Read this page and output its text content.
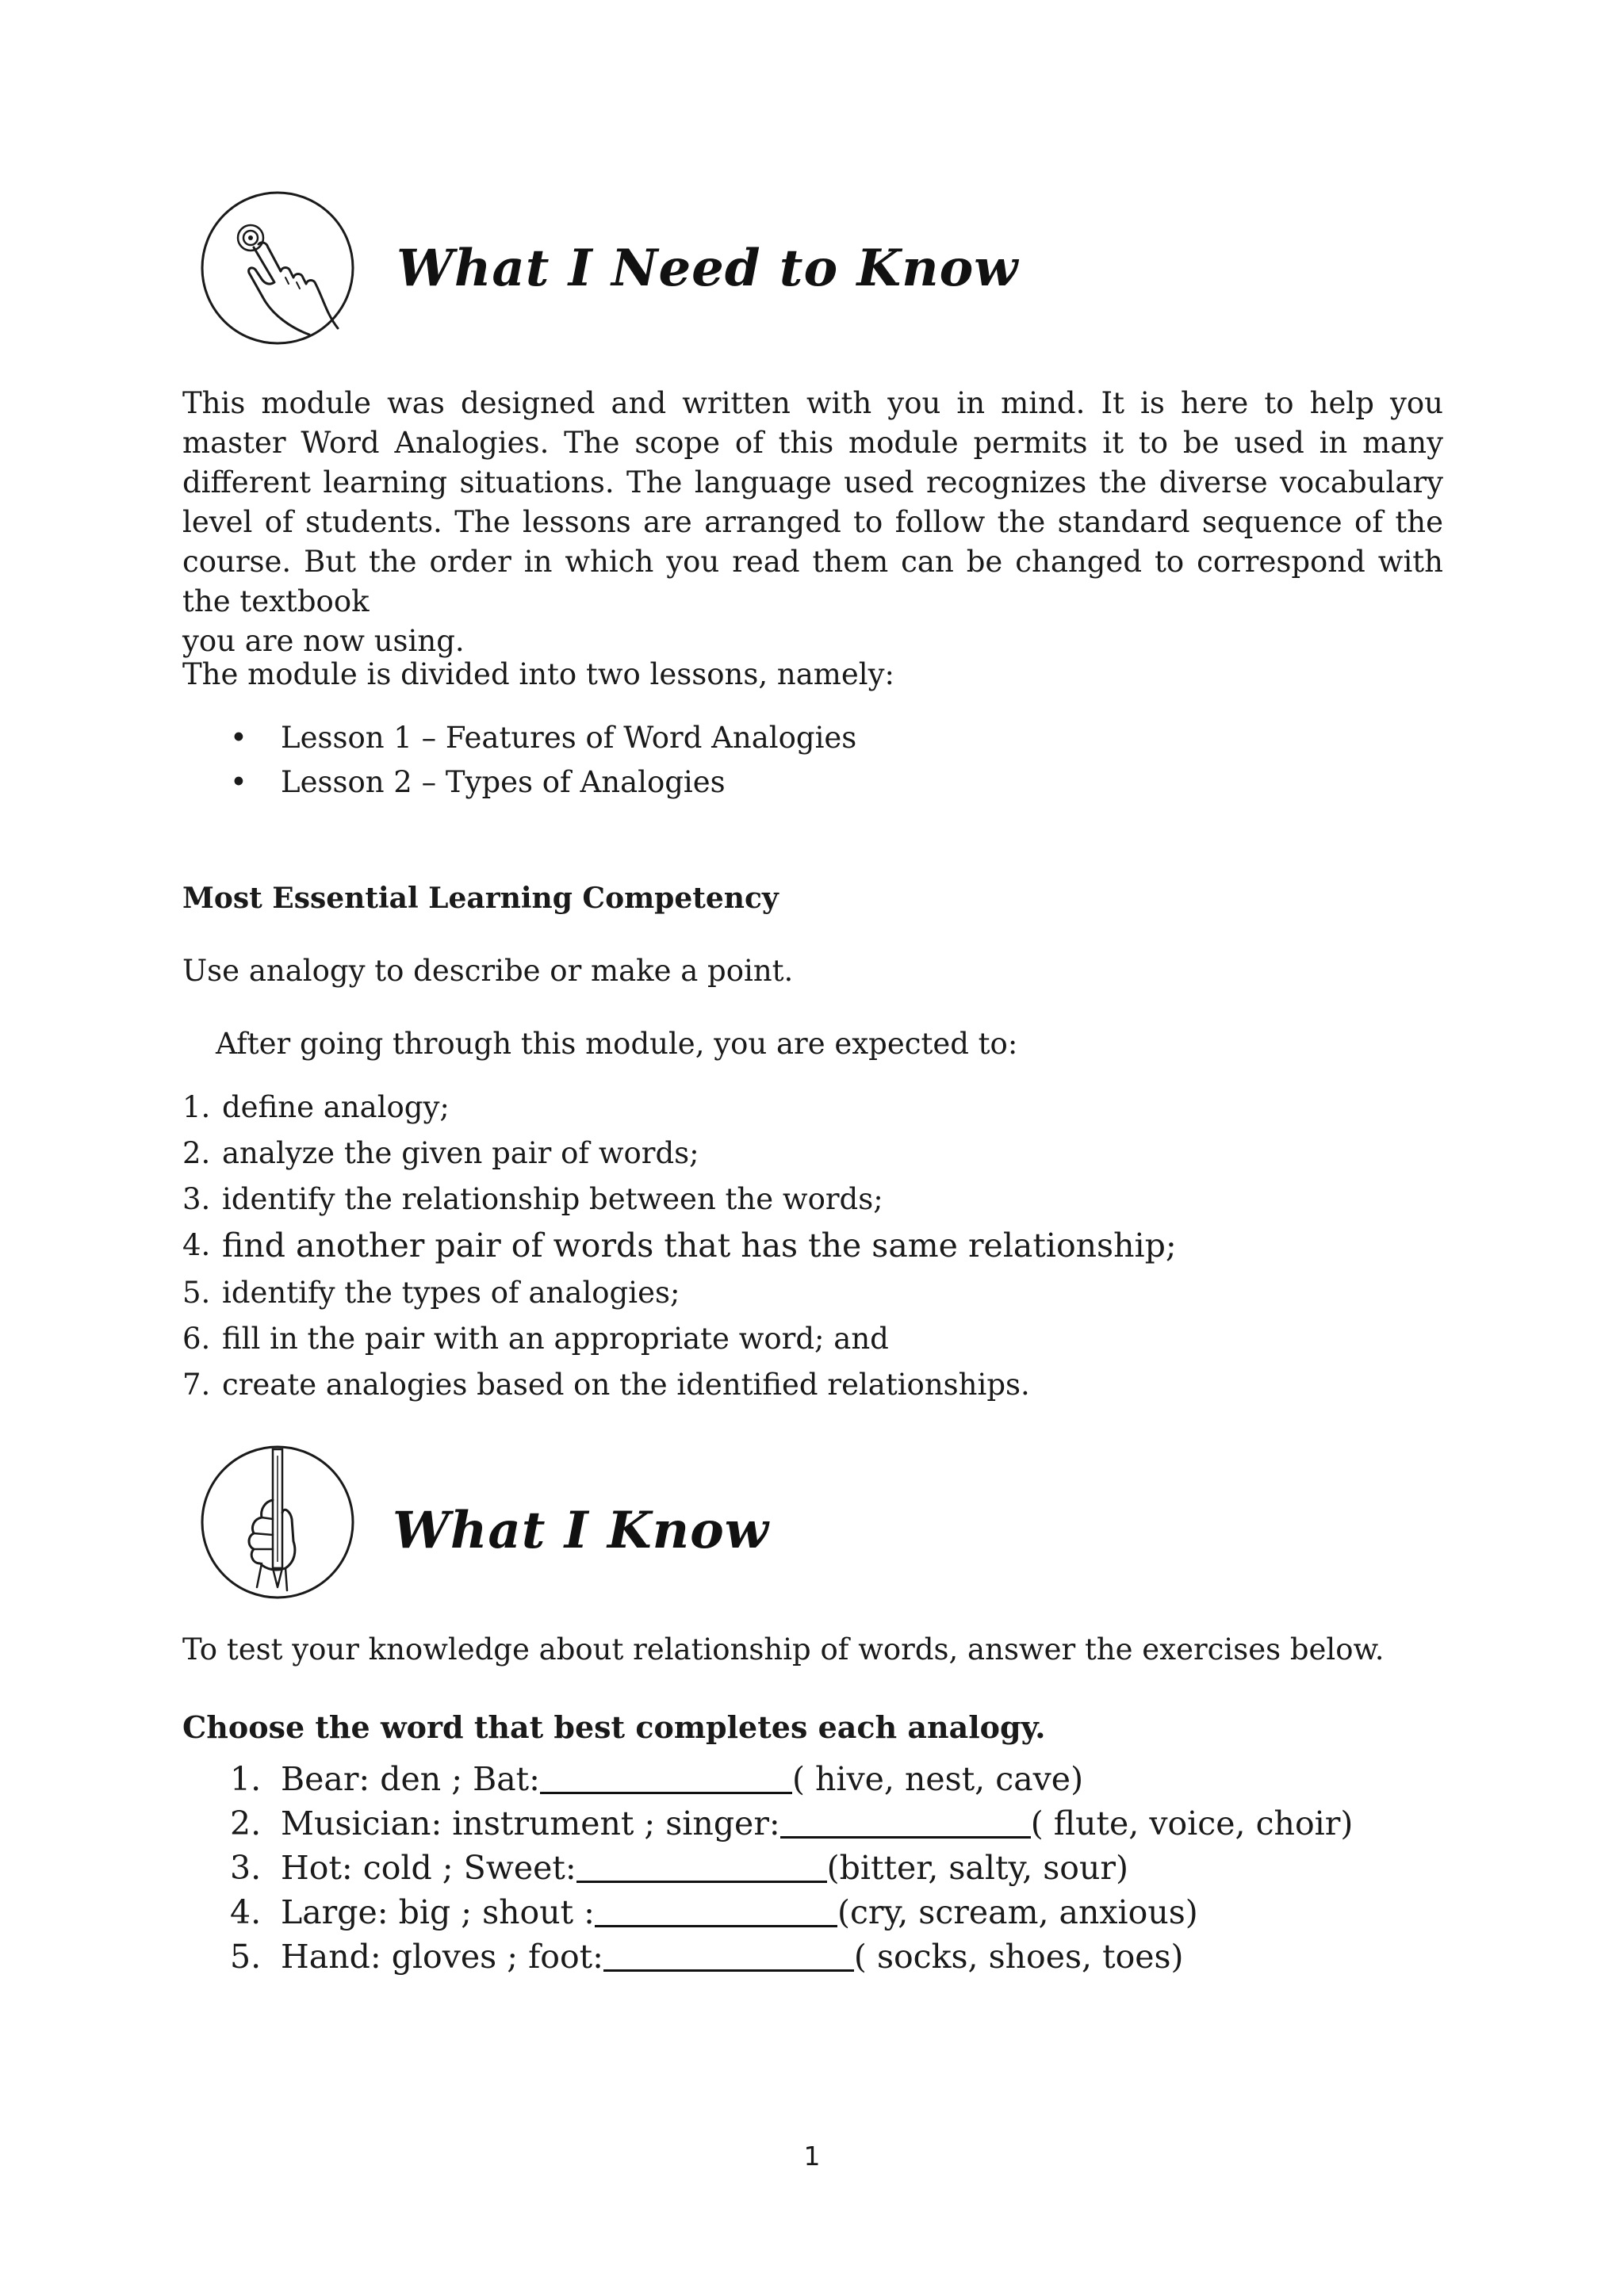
What I Need to Know

This module was designed and written with you in mind. It is here to help you master Word Analogies. The scope of this module permits it to be used in many different learning situations. The language used recognizes the diverse vocabulary level of students. The lessons are arranged to follow the standard sequence of the course. But the order in which you read them can be changed to correspond with the textbook

you are now using.

The module is divided into two lessons, namely:
• Lesson 1 – Features of Word Analogies
• Lesson 2 – Types of Analogies
Most Essential Learning Competency
Use analogy to describe or make a point.
After going through this module, you are expected to:
1. define analogy;
2. analyze the given pair of words;
3. identify the relationship between the words;
4. find another pair of words that has the same relationship;
5. identify the types of analogies;
6. fill in the pair with an appropriate word; and
7. create analogies based on the identified relationships.
What I Know
To test your knowledge about relationship of words, answer the exercises below.
Choose the word that best completes each analogy.
1. Bear: den ; Bat:	( hive, nest, cave)
2. Musician: instrument ; singer:	( flute, voice, choir)
3. Hot: cold ; Sweet:	(bitter, salty, sour)
4. Large: big ; shout :	(cry, scream, anxious)
5. Hand: gloves ; foot:	( socks, shoes, toes)
1
